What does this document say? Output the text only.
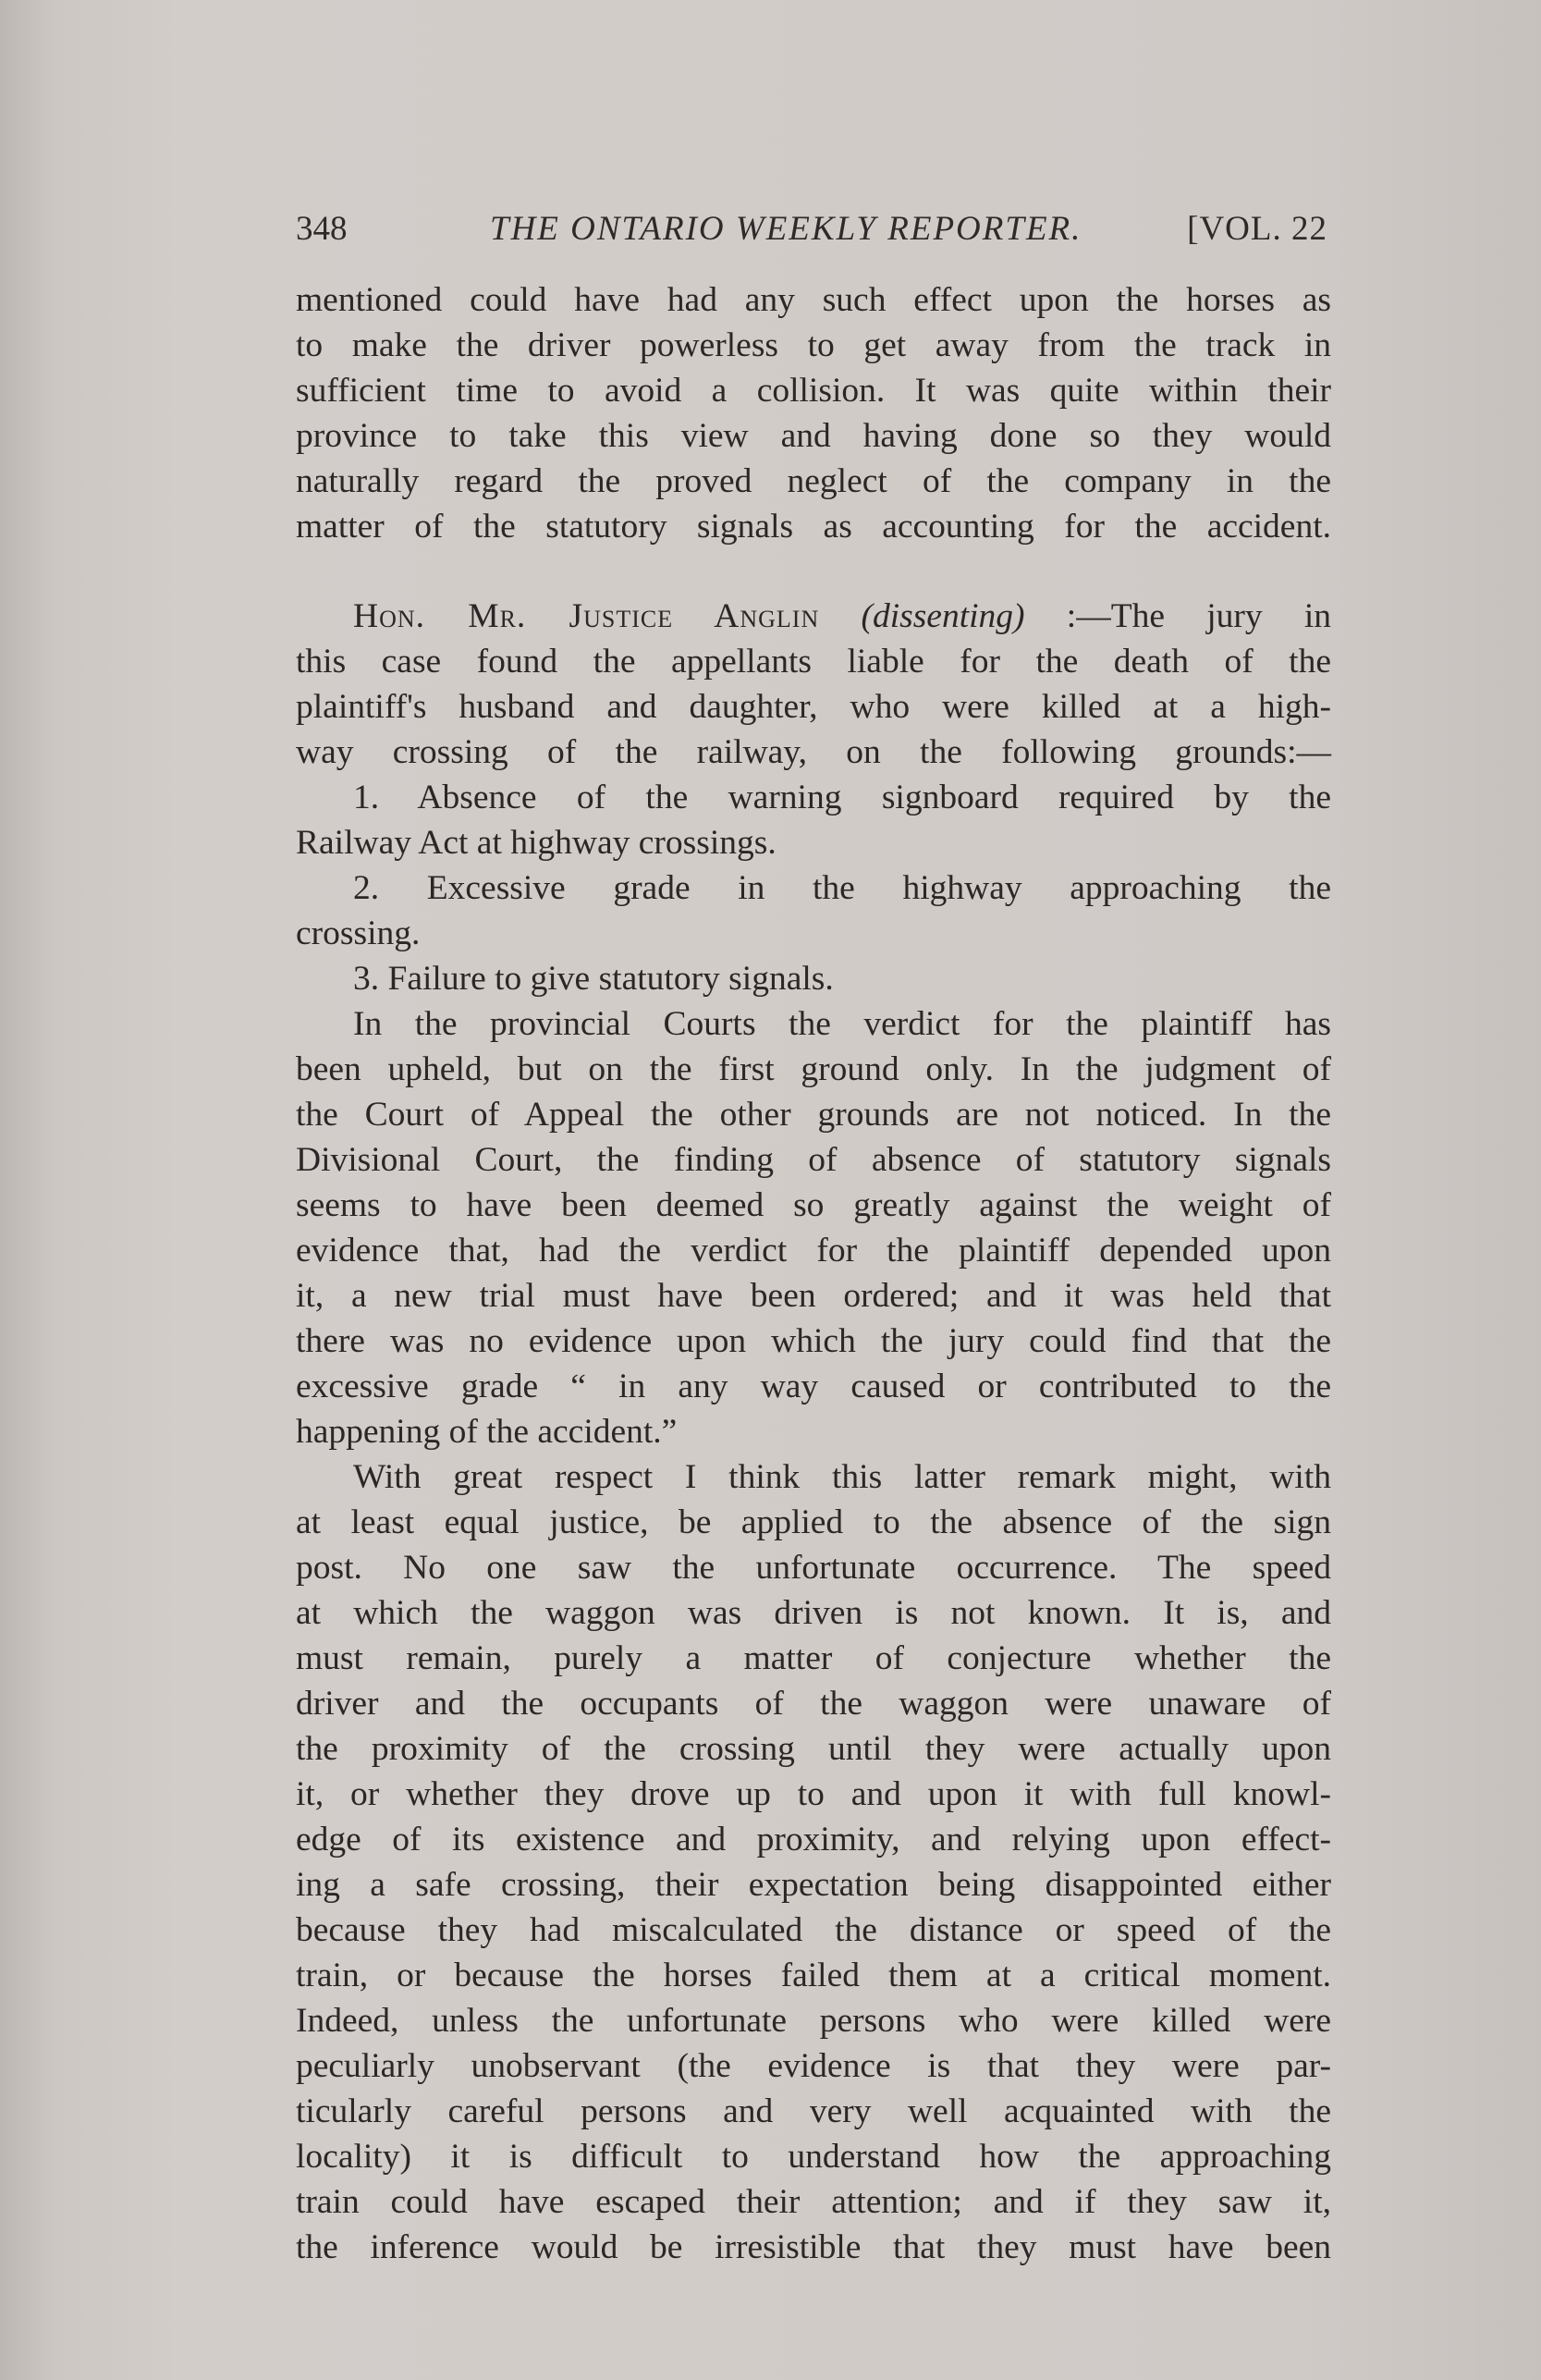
348	THE ONTARIO WEEKLY REPORTER.	[VOL. 22
mentioned could have had any such effect upon the horses as
to make the driver powerless to get away from the track in
sufficient time to avoid a collision. It was quite within their
province to take this view and having done so they would
naturally regard the proved neglect of the company in the
matter of the statutory signals as accounting for the accident.
Hon. Mr. Justice Anglin (dissenting) :—The jury in
this case found the appellants liable for the death of the
plaintiff's husband and daughter, who were killed at a high-
way crossing of the railway, on the following grounds:—
1. Absence of the warning signboard required by the
Railway Act at highway crossings.
2. Excessive grade in the highway approaching the
crossing.
3. Failure to give statutory signals.
In the provincial Courts the verdict for the plaintiff has
been upheld, but on the first ground only. In the judgment of
the Court of Appeal the other grounds are not noticed. In the
Divisional Court, the finding of absence of statutory signals
seems to have been deemed so greatly against the weight of
evidence that, had the verdict for the plaintiff depended upon
it, a new trial must have been ordered; and it was held that
there was no evidence upon which the jury could find that the
excessive grade “ in any way caused or contributed to the
happening of the accident.”
With great respect I think this latter remark might, with
at least equal justice, be applied to the absence of the sign
post. No one saw the unfortunate occurrence. The speed
at which the waggon was driven is not known. It is, and
must remain, purely a matter of conjecture whether the
driver and the occupants of the waggon were unaware of
the proximity of the crossing until they were actually upon
it, or whether they drove up to and upon it with full knowl-
edge of its existence and proximity, and relying upon effect-
ing a safe crossing, their expectation being disappointed either
because they had miscalculated the distance or speed of the
train, or because the horses failed them at a critical moment.
Indeed, unless the unfortunate persons who were killed were
peculiarly unobservant (the evidence is that they were par-
ticularly careful persons and very well acquainted with the
locality) it is difficult to understand how the approaching
train could have escaped their attention; and if they saw it,
the inference would be irresistible that they must have been
